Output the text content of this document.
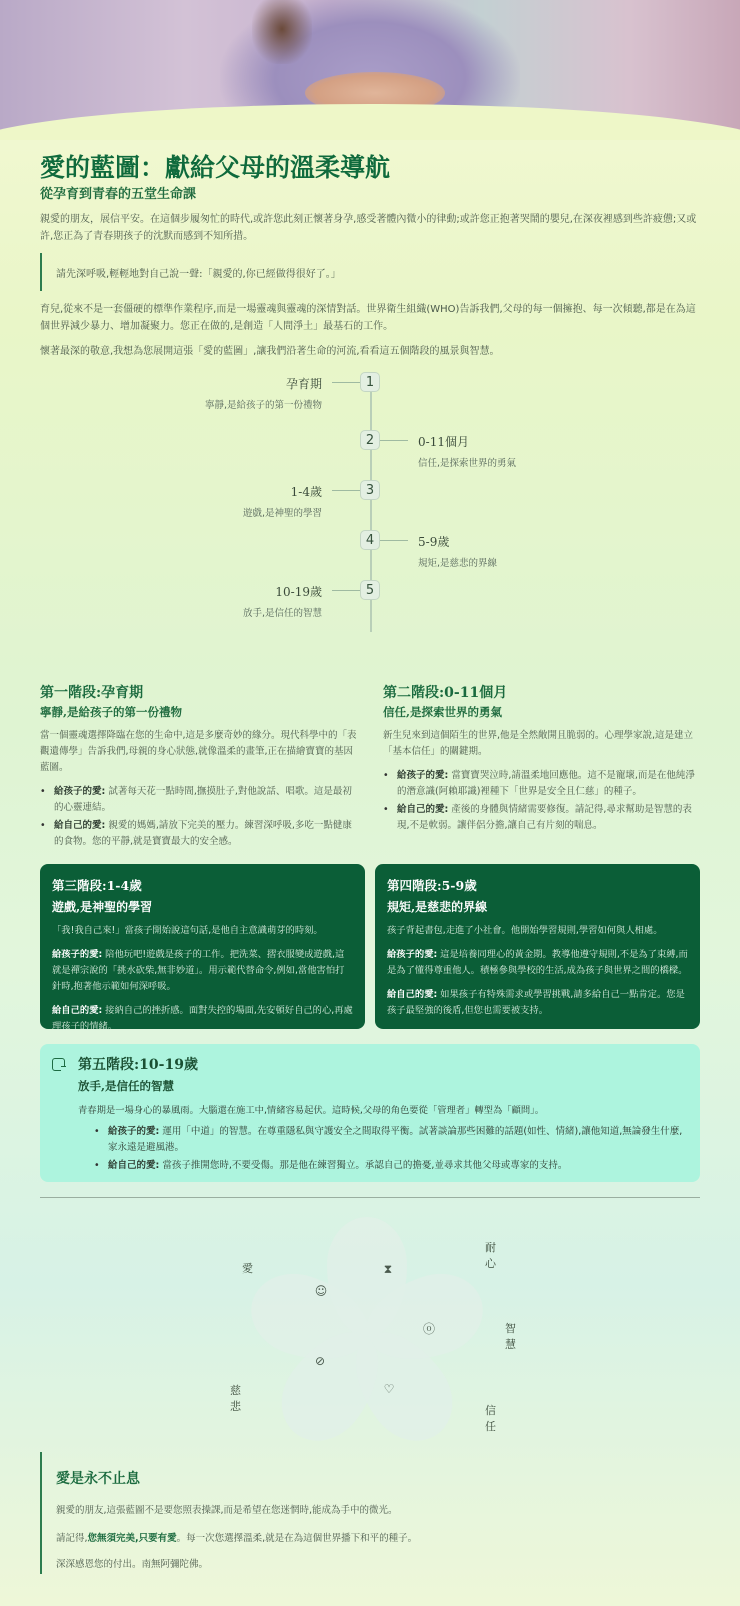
愛的藍圖：獻給父母的溫柔導航
從孕育到青春的五堂生命課
親愛的朋友，展信平安。在這個步履匆忙的時代,或許您此刻正懷著身孕,感受著體內微小的律動;或許您正抱著哭鬧的嬰兒,在深夜裡感到些許疲憊;又或許,您正為了青春期孩子的沈默而感到不知所措。
請先深呼吸,輕輕地對自己說一聲:「親愛的,你已經做得很好了。」
育兒,從來不是一套僵硬的標準作業程序,而是一場靈魂與靈魂的深情對話。世界衛生組織(WHO)告訴我們,父母的每一個擁抱、每一次傾聽,都是在為這個世界減少暴力、增加凝聚力。您正在做的,是創造「人間淨土」最基石的工作。
懷著最深的敬意,我想為您展開這張「愛的藍圖」,讓我們沿著生命的河流,看看這五個階段的風景與智慧。
1
孕育期
寧靜,是給孩子的第一份禮物
2	0-11個月
信任,是探索世界的勇氣
3
1-4歲
遊戲,是神聖的學習
4	5-9歲
規矩,是慈悲的界線
5
10-19歲
放手,是信任的智慧
第一階段:孕育期
寧靜,是給孩子的第一份禮物
當一個靈魂選擇降臨在您的生命中,這是多麼奇妙的緣分。現代科學中的「表觀遺傳學」告訴我們,母親的身心狀態,就像溫柔的畫筆,正在描繪寶寶的基因藍圖。
• 給孩子的愛: 試著每天花一點時間,撫摸肚子,對他說話、唱歌。這是最初的心靈連結。
• 給自己的愛: 親愛的媽媽,請放下完美的壓力。練習深呼吸,多吃一點健康的食物。您的平靜,就是寶寶最大的安全感。
第二階段:0-11個月
信任,是探索世界的勇氣
新生兒來到這個陌生的世界,他是全然敞開且脆弱的。心理學家說,這是建立「基本信任」的關鍵期。
• 給孩子的愛: 當寶寶哭泣時,請溫柔地回應他。這不是寵壞,而是在他純淨的潛意識(阿賴耶識)裡種下「世界是安全且仁慈」的種子。
• 給自己的愛: 產後的身體與情緒需要修復。請記得,尋求幫助是智慧的表現,不是軟弱。讓伴侶分擔,讓自己有片刻的喘息。
第三階段:1-4歲
遊戲,是神聖的學習

「我!我自己來!」當孩子開始說這句話,是他自主意識萌芽的時刻。

給孩子的愛: 陪他玩吧!遊戲是孩子的工作。把洗菜、摺衣服變成遊戲,這就是禪宗說的「挑水砍柴,無非妙道」。用示範代替命令,例如,當他害怕打針時,抱著他示範如何深呼吸。

給自己的愛: 接納自己的挫折感。面對失控的場面,先安頓好自己的心,再處理孩子的情緒。

第四階段:5-9歲
規矩,是慈悲的界線

孩子背起書包,走進了小社會。他開始學習規則,學習如何與人相處。

給孩子的愛: 這是培養同理心的黃金期。教導他遵守規則,不是為了束縛,而是為了懂得尊重他人。積極參與學校的生活,成為孩子與世界之間的橋樑。

給自己的愛: 如果孩子有特殊需求或學習挑戰,請多給自己一點肯定。您是孩子最堅強的後盾,但您也需要被支持。

第五階段:10-19歲
放手,是信任的智慧
青春期是一場身心的暴風雨。大腦還在施工中,情緒容易起伏。這時候,父母的角色要從「管理者」轉型為「顧問」。
• 給孩子的愛: 運用「中道」的智慧。在尊重隱私與守護安全之間取得平衡。試著談論那些困難的話題(如性、情緒),讓他知道,無論發生什麼,家永遠是避風港。
• 給自己的愛: 當孩子推開您時,不要受傷。那是他在練習獨立。承認自己的擔憂,並尋求其他父母或專家的支持。
☺
⧗
ⓞ
♡
⊘
愛
耐心
智慧
信任
慈悲
愛是永不止息
親愛的朋友,這張藍圖不是要您照表操課,而是希望在您迷惘時,能成為手中的微光。
請記得,您無須完美,只要有愛。每一次您選擇溫柔,就是在為這個世界播下和平的種子。
深深感恩您的付出。南無阿彌陀佛。
